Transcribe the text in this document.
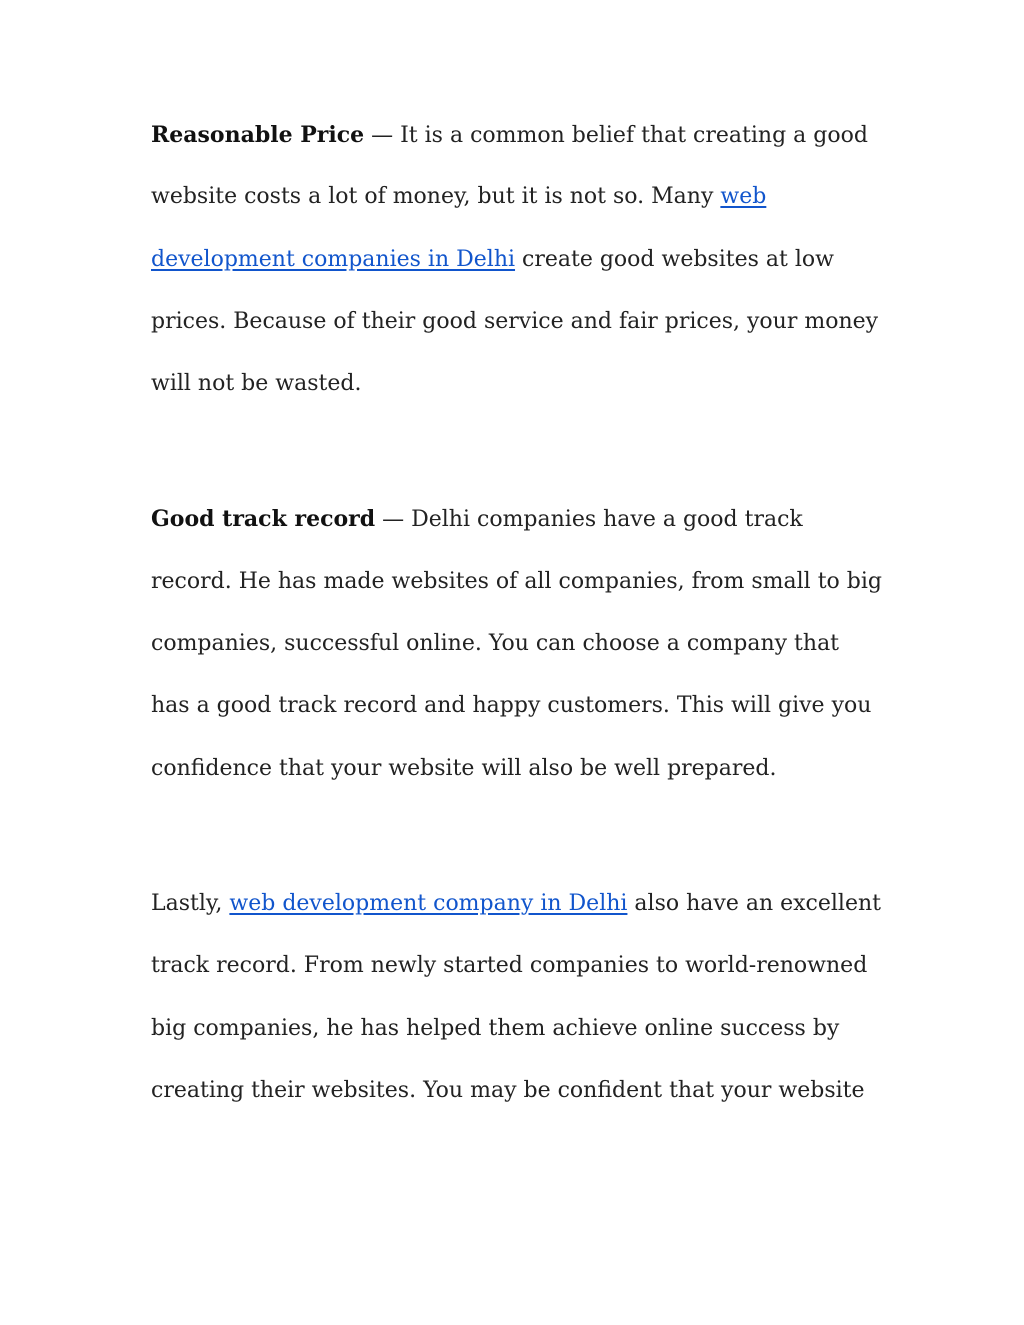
Reasonable Price — It is a common belief that creating a good
website costs a lot of money, but it is not so. Many web
development companies in Delhi create good websites at low
prices. Because of their good service and fair prices, your money
will not be wasted.

Good track record — Delhi companies have a good track
record. He has made websites of all companies, from small to big
companies, successful online. You can choose a company that
has a good track record and happy customers. This will give you
confidence that your website will also be well prepared.

Lastly, web development company in Delhi also have an excellent
track record. From newly started companies to world-renowned
big companies, he has helped them achieve online success by
creating their websites. You may be confident that your website
